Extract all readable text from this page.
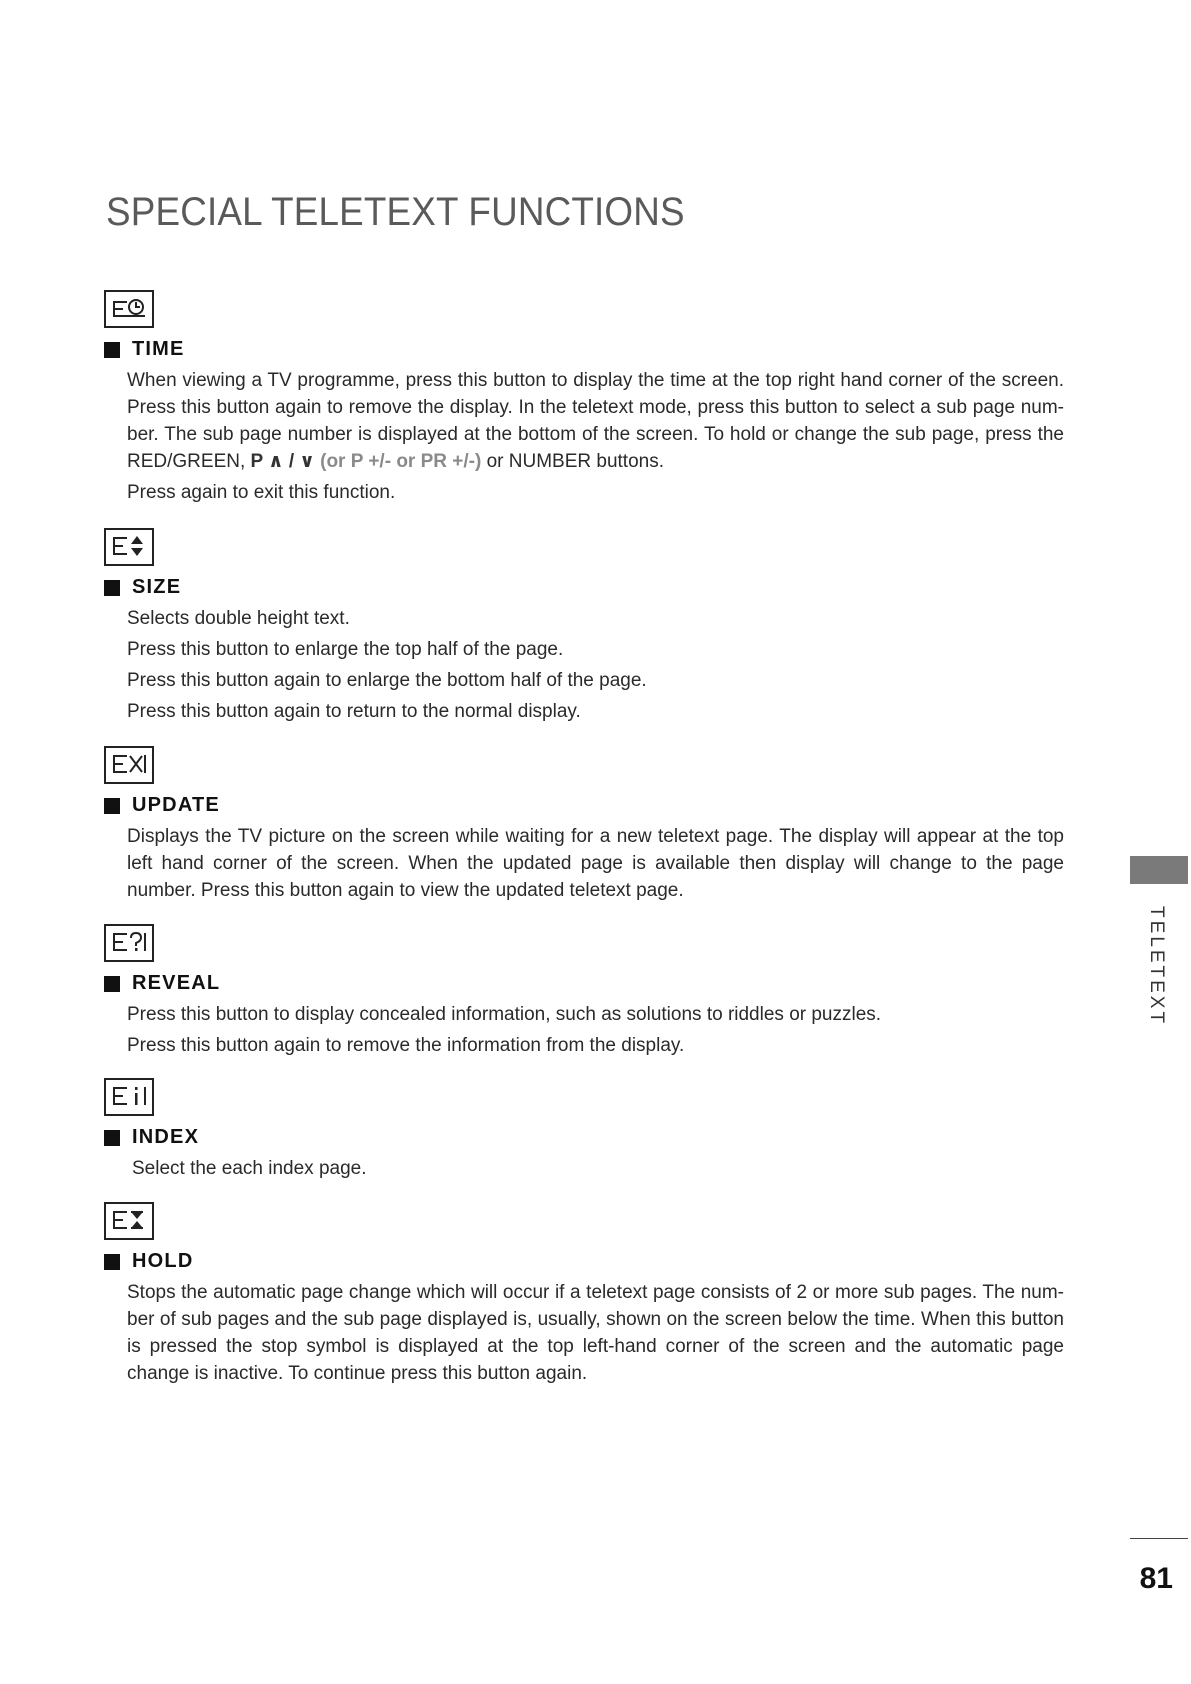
SPECIAL TELETEXT FUNCTIONS
TIME
When viewing a TV programme, press this button to display the time at the top right hand corner of the screen. Press this button again to remove the display. In the teletext mode, press this button to select a sub page num-ber. The sub page number is displayed at the bottom of the screen. To hold or change the sub page, press the RED/GREEN, P ∧ / ∨ (or P +/- or PR +/-) or NUMBER buttons.
Press again to exit this function.
SIZE
Selects double height text.
Press this button to enlarge the top half of the page.
Press this button again to enlarge the bottom half of the page.
Press this button again to return to the normal display.
UPDATE
Displays the TV picture on the screen while waiting for a new teletext page. The display will appear at the top left hand corner of the screen. When the updated page is available then display will change to the page number. Press this button again to view the updated teletext page.
REVEAL
Press this button to display concealed information, such as solutions to riddles or puzzles.
Press this button again to remove the information from the display.
INDEX
Select the each index page.
HOLD
Stops the automatic page change which will occur if a teletext page consists of 2 or more sub pages. The num-ber of sub pages and the sub page displayed is, usually, shown on the screen below the time. When this button is pressed the stop symbol is displayed at the top left-hand corner of the screen and the automatic page change is inactive. To continue press this button again.
TELETEXT
81
